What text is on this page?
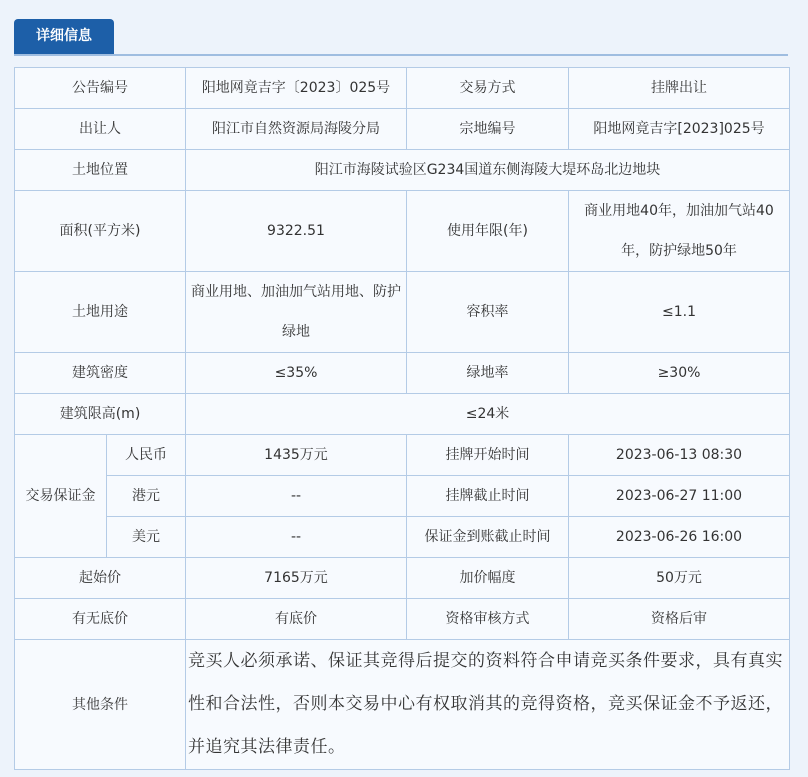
详细信息
公告编号		阳地网竟吉字〔2023〕025号	交易方式	挂牌出让
出让人		阳江市自然资源局海陵分局	宗地编号	阳地网竟吉字[2023]025号
土地位置		阳江市海陵试验区G234国道东侧海陵大堤环岛北边地块		
面积(平方米)		9322.51	使用年限(年)	商业用地40年，加油加气站40年，防护绿地50年
土地用途		商业用地、加油加气站用地、防护绿地	容积率	≤1.1
建筑密度		≤35%	绿地率	≥30%
建筑限高(m)		≤24米		
交易保证金	人民币	1435万元	挂牌开始时间	2023-06-13 08:30
	港元	--	挂牌截止时间	2023-06-27 11:00
	美元	--	保证金到账截止时间	2023-06-26 16:00
起始价		7165万元	加价幅度	50万元
有无底价		有底价	资格审核方式	资格后审
其他条件		竞买人必须承诺、保证其竞得后提交的资料符合申请竞买条件要求，具有真实性和合法性，否则本交易中心有权取消其的竞得资格，竞买保证金不予返还，并追究其法律责任。		
